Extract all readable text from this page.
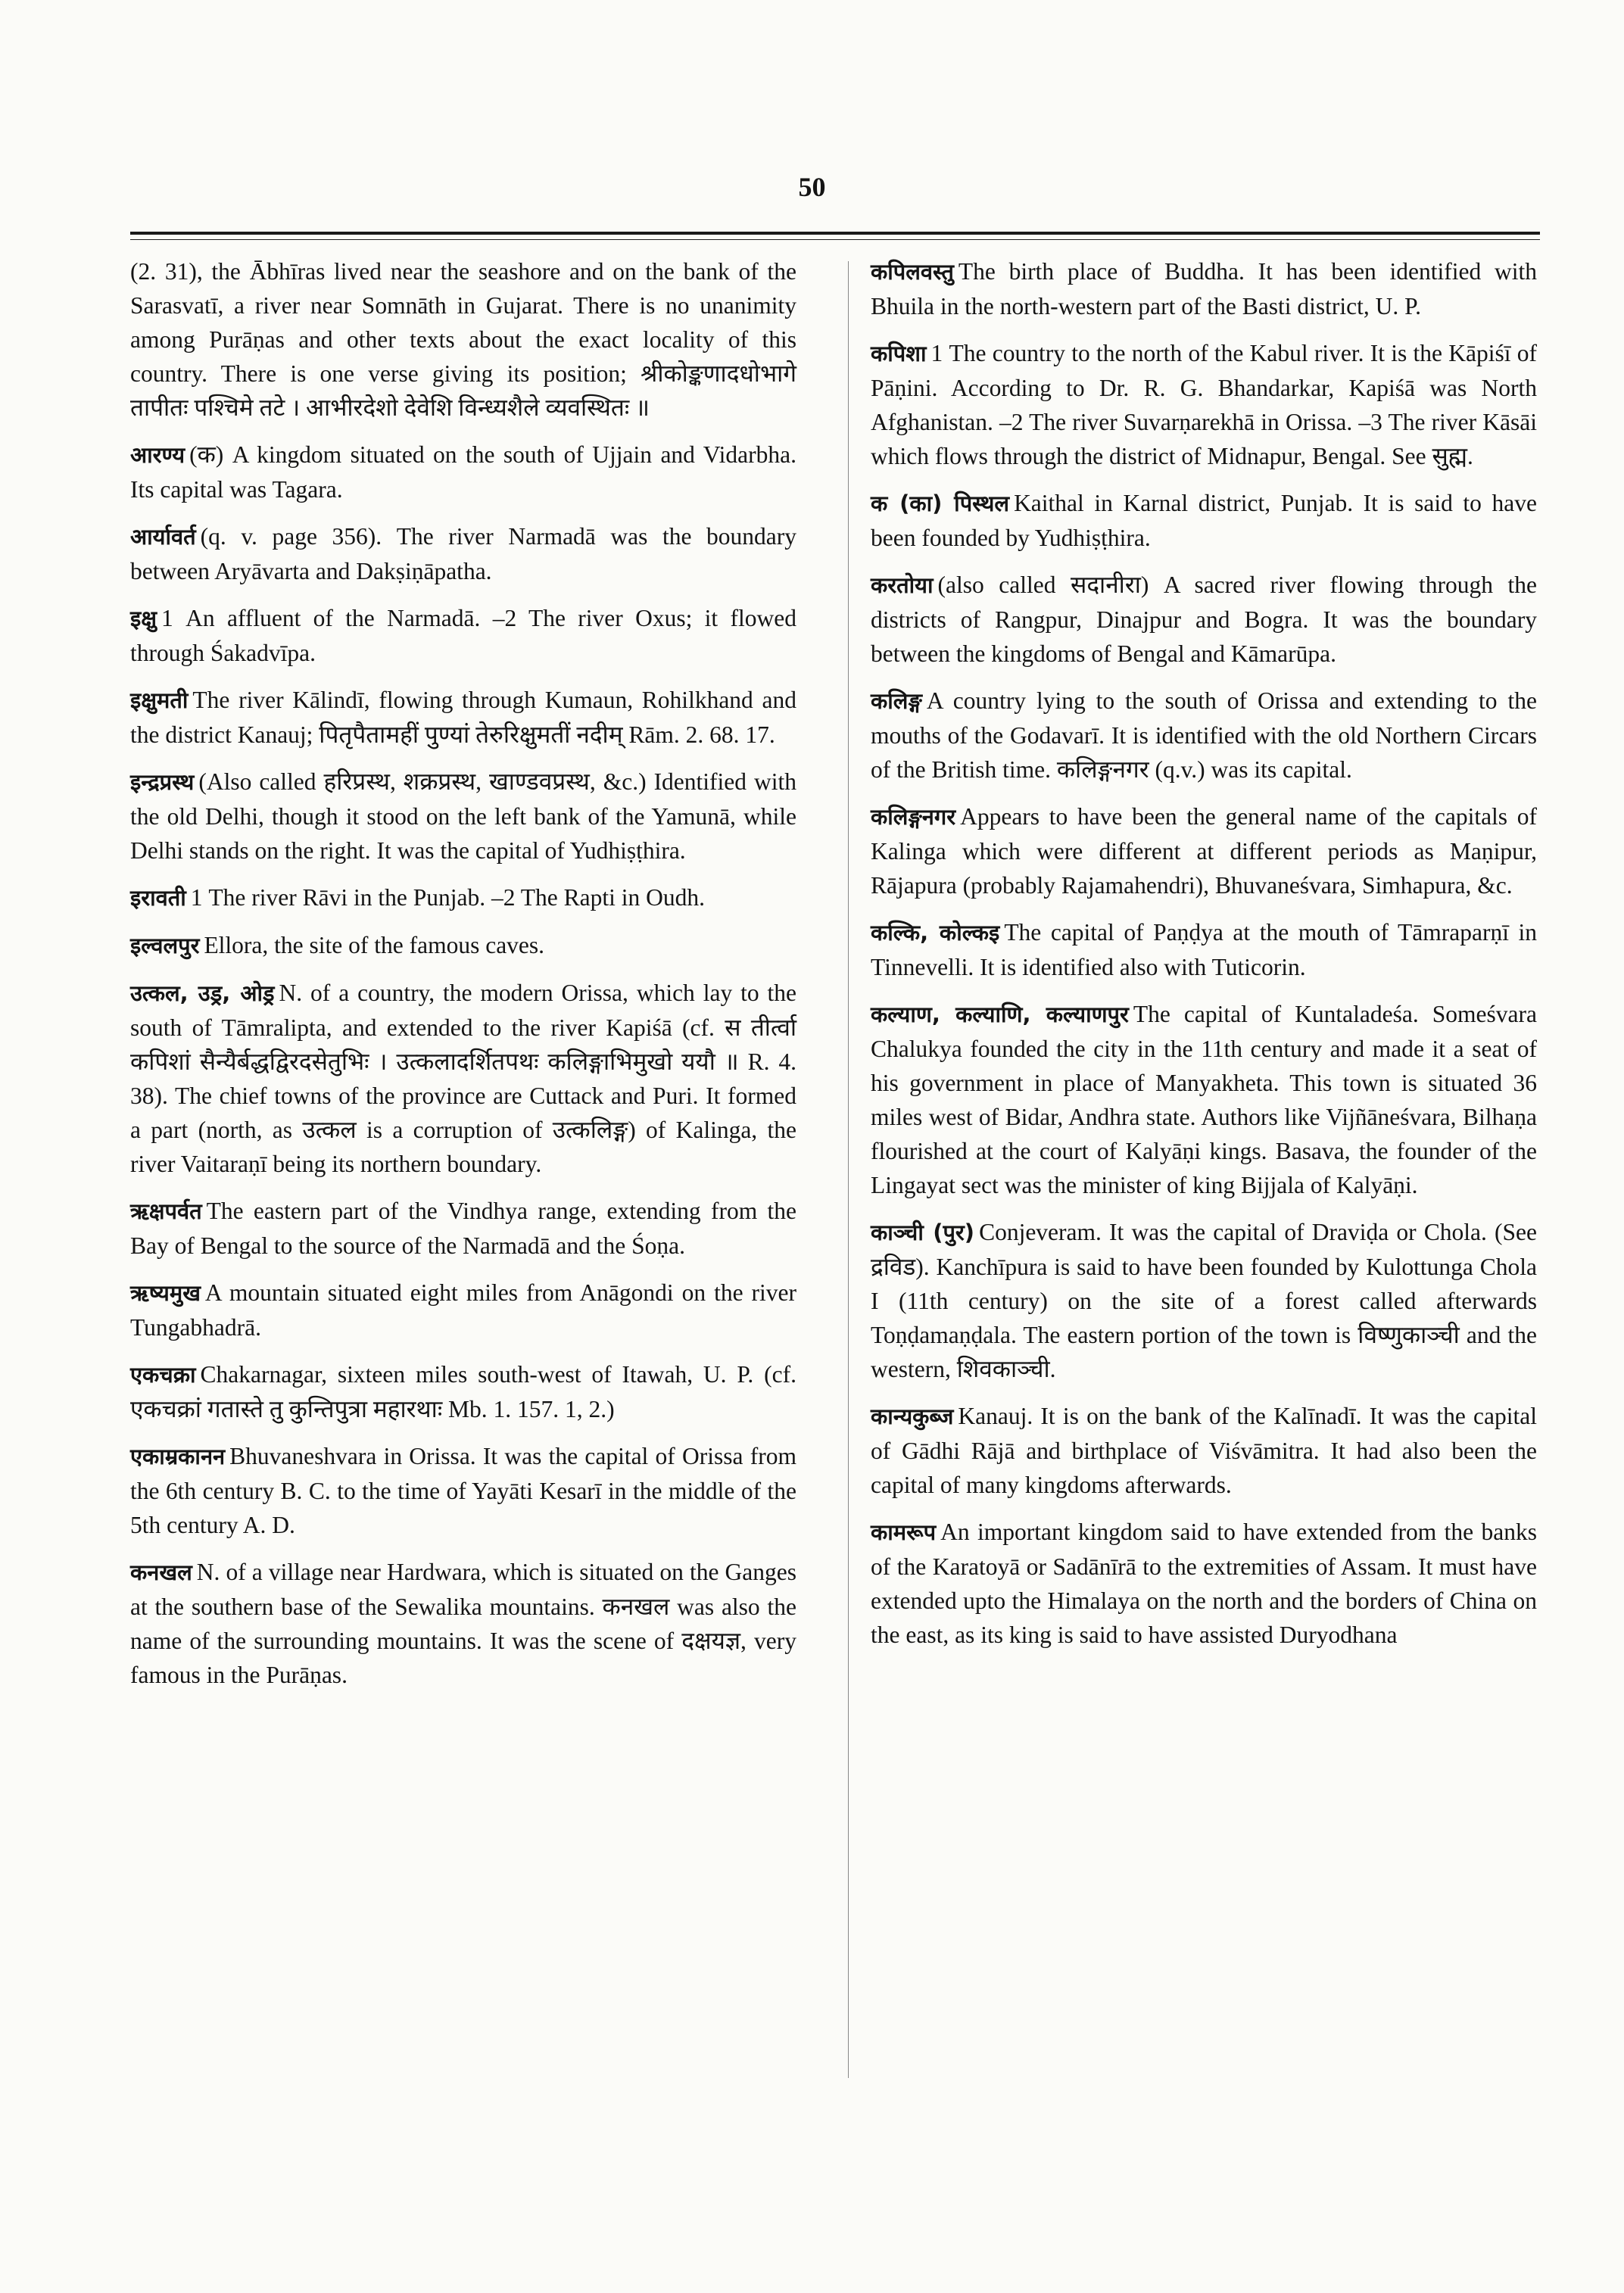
50

(2. 31), the Ābhīras lived near the seashore and on the bank of the Sarasvatī, a river near Somnāth in Gujarat. There is no unanimity among Purāṇas and other texts about the exact locality of this country. There is one verse giving its position; श्रीकोङ्कणादधोभागे तापीतः पश्चिमे तटे । आभीरदेशो देवेशि विन्ध्यशैले व्यवस्थितः ॥

आरण्य (क) A kingdom situated on the south of Ujjain and Vidarbha. Its capital was Tagara.

आर्यावर्त (q. v. page 356). The river Narmadā was the boundary between Aryāvarta and Dakṣiṇāpatha.

इक्षु 1 An affluent of the Narmadā. –2 The river Oxus; it flowed through Śakadvīpa.

इक्षुमती The river Kālindī, flowing through Kumaun, Rohilkhand and the district Kanauj; पितृपैतामहीं पुण्यां तेरुरिक्षुमतीं नदीम् Rām. 2. 68. 17.

इन्द्रप्रस्थ (Also called हरिप्रस्थ, शक्रप्रस्थ, खाण्डवप्रस्थ, &c.) Identified with the old Delhi, though it stood on the left bank of the Yamunā, while Delhi stands on the right. It was the capital of Yudhiṣṭhira.

इरावती 1 The river Rāvi in the Punjab. –2 The Rapti in Oudh.

इल्वलपुर Ellora, the site of the famous caves.

उत्कल, उड्र, ओड्र N. of a country, the modern Orissa, which lay to the south of Tāmralipta, and extended to the river Kapiśā (cf. स तीर्त्वा कपिशां सैन्यैर्बद्धद्विरदसेतुभिः । उत्कलादर्शितपथः कलिङ्गाभिमुखो ययौ ॥ R. 4. 38). The chief towns of the province are Cuttack and Puri. It formed a part (north, as उत्कल is a corruption of उत्कलिङ्ग) of Kalinga, the river Vaitaraṇī being its northern boundary.

ऋक्षपर्वत The eastern part of the Vindhya range, extending from the Bay of Bengal to the source of the Narmadā and the Śoṇa.

ऋष्यमुख A mountain situated eight miles from Anāgondi on the river Tungabhadrā.

एकचक्रा Chakarnagar, sixteen miles south-west of Itawah, U. P. (cf. एकचक्रां गतास्ते तु कुन्तिपुत्रा महारथाः Mb. 1. 157. 1, 2.)

एकाम्रकानन Bhuvaneshvara in Orissa. It was the capital of Orissa from the 6th century B. C. to the time of Yayāti Kesarī in the middle of the 5th century A. D.

कनखल N. of a village near Hardwara, which is situated on the Ganges at the southern base of the Sewalika mountains. कनखल was also the name of the surrounding mountains. It was the scene of दक्षयज्ञ, very famous in the Purāṇas.

कपिलवस्तु The birth place of Buddha. It has been identified with Bhuila in the north-western part of the Basti district, U. P.

कपिशा 1 The country to the north of the Kabul river. It is the Kāpiśī of Pāṇini. According to Dr. R. G. Bhandarkar, Kapiśā was North Afghanistan. –2 The river Suvarṇarekhā in Orissa. –3 The river Kāsāi which flows through the district of Midnapur, Bengal. See सुह्म.

क (का) पिस्थल Kaithal in Karnal district, Punjab. It is said to have been founded by Yudhiṣṭhira.

करतोया (also called सदानीरा) A sacred river flowing through the districts of Rangpur, Dinajpur and Bogra. It was the boundary between the kingdoms of Bengal and Kāmarūpa.

कलिङ्ग A country lying to the south of Orissa and extending to the mouths of the Godavarī. It is identified with the old Northern Circars of the British time. कलिङ्गनगर (q.v.) was its capital.

कलिङ्गनगर Appears to have been the general name of the capitals of Kalinga which were different at different periods as Maṇipur, Rājapura (probably Rajamahendri), Bhuvaneśvara, Simhapura, &c.

कल्कि, कोल्कइ The capital of Paṇḍya at the mouth of Tāmraparṇī in Tinnevelli. It is identified also with Tuticorin.

कल्याण, कल्याणि, कल्याणपुर The capital of Kuntaladeśa. Someśvara Chalukya founded the city in the 11th century and made it a seat of his government in place of Manyakheta. This town is situated 36 miles west of Bidar, Andhra state. Authors like Vijñāneśvara, Bilhaṇa flourished at the court of Kalyāṇi kings. Basava, the founder of the Lingayat sect was the minister of king Bijjala of Kalyāṇi.

काञ्ची (पुर) Conjeveram. It was the capital of Draviḍa or Chola. (See द्रविड). Kanchīpura is said to have been founded by Kulottunga Chola I (11th century) on the site of a forest called afterwards Toṇḍamaṇḍala. The eastern portion of the town is विष्णुकाञ्ची and the western, शिवकाञ्ची.

कान्यकुब्ज Kanauj. It is on the bank of the Kalīnadī. It was the capital of Gādhi Rājā and birthplace of Viśvāmitra. It had also been the capital of many kingdoms afterwards.

कामरूप An important kingdom said to have extended from the banks of the Karatoyā or Sadānīrā to the extremities of Assam. It must have extended upto the Himalaya on the north and the borders of China on the east, as its king is said to have assisted Duryodhana
